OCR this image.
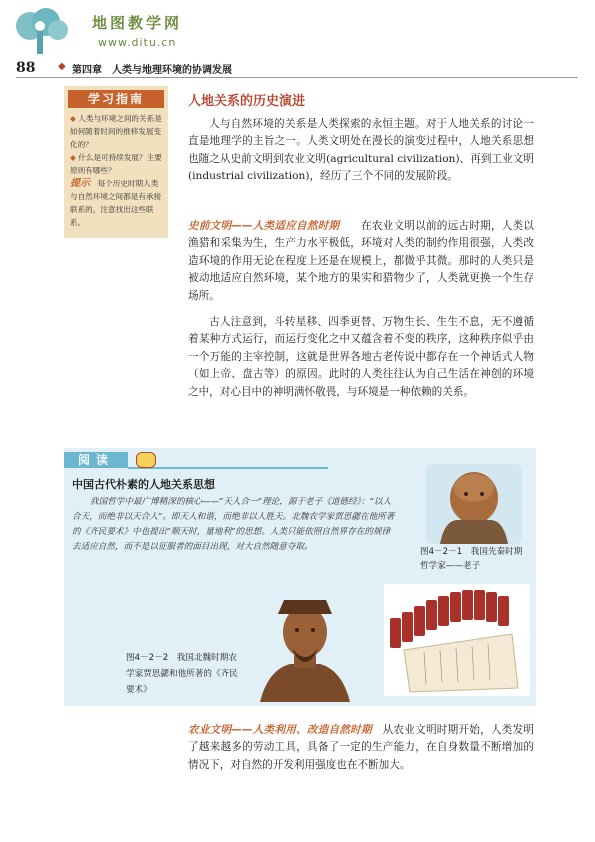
地图教学网
www.ditu.cn
88 ◆ 第四章　人类与地理环境的协调发展
学习指南
◆ 人类与环境之间的关系是如何随着时间的推移发展变化的？
◆ 什么是可持续发展？主要原则有哪些？
提示　 每个历史时期人类与自然环境之间都是有承接联系的，注意找出这些联系。
人地关系的历史演进
人与自然环境的关系是人类探索的永恒主题。对于人地关系的讨论一直是地理学的主旨之一。人类文明处在漫长的演变过程中，人地关系思想也随之从史前文明到农业文明(agricultural civilization)、再到工业文明(industrial civilization)，经历了三个不同的发展阶段。
史前文明——人类适应自然时期　　 在农业文明以前的远古时期，人类以渔猎和采集为生，生产力水平极低，环境对人类的制约作用很强，人类改造环境的作用无论在程度上还是在规模上，都微乎其微。那时的人类只是被动地适应自然环境，某个地方的果实和猎物少了，人类就更换一个生存场所。
古人注意到，斗转星移、四季更替、万物生长、生生不息，无不遵循着某种方式运行，而运行变化之中又蕴含着不变的秩序，这种秩序似乎由一个万能的主宰控制，这就是世界各地古老传说中都存在一个神话式人物（如上帝、盘古等）的原因。此时的人类往往认为自己生活在神创的环境之中，对心目中的神明满怀敬畏，与环境是一种依赖的关系。
阅读
中国古代朴素的人地关系思想
我国哲学中最广博精深的核心——“天人合一”理论，源于老子《道德经》：“以人合天，而绝非以天合人”。即天人和谐，而绝非以人胜天。北魏农学家贾思勰在他所著的《齐民要术》中也提出“顺天时，量地利”的思想。人类只能依照自然界存在的规律去适应自然，而不是以征服者的面目出现，对大自然随意夺取。	图4－2－1　我国先秦时期哲学家——老子
图4－2－2　我国北魏时期农学家贾思勰和他所著的《齐民要术》
农业文明——人类利用、改造自然时期　 从农业文明时期开始，人类发明了越来越多的劳动工具，具备了一定的生产能力，在自身数量不断增加的情况下，对自然的开发利用强度也在不断加大。
